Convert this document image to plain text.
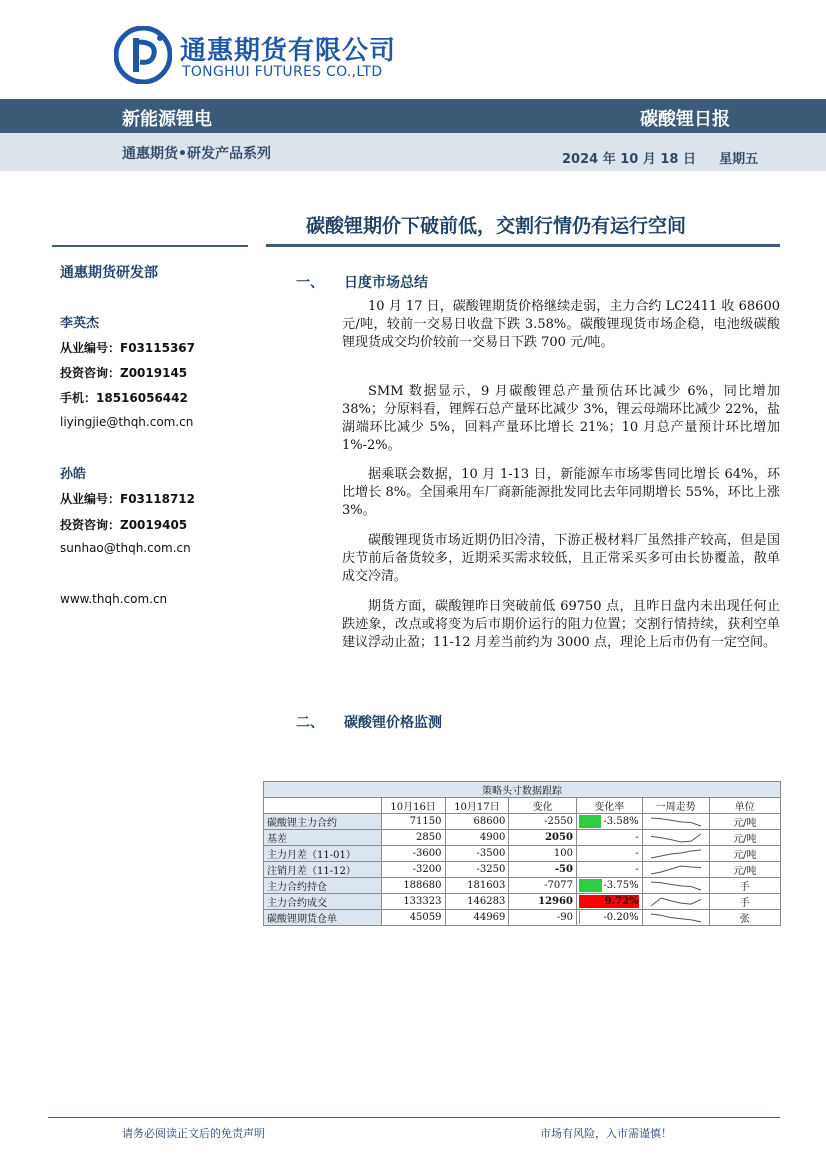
通惠期货有限公司
TONGHUI FUTURES CO.,LTD
新能源锂电	碳酸锂日报
通惠期货•研发产品系列	2024 年 10 月 18 日 星期五
碳酸锂期价下破前低，交割行情仍有运行空间
通惠期货研发部
李英杰
从业编号：F03115367
投资咨询：Z0019145
手机：18516056442
liyingjie@thqh.com.cn
孙皓
从业编号：F03118712
投资咨询：Z0019405
sunhao@thqh.com.cn
www.thqh.com.cn
一、 日度市场总结
10 月 17 日，碳酸锂期货价格继续走弱，主力合约 LC2411 收 68600 元/吨，较前一交易日收盘下跌 3.58%。碳酸锂现货市场企稳，电池级碳酸锂现货成交均价较前一交易日下跌 700 元/吨。
SMM 数据显示，9 月碳酸锂总产量预估环比减少 6%，同比增加 38%；分原料看，锂辉石总产量环比减少 3%，锂云母端环比减少 22%，盐湖端环比减少 5%，回料产量环比增长 21%；10 月总产量预计环比增加 1%-2%。
据乘联会数据，10 月 1-13 日，新能源车市场零售同比增长 64%，环比增长 8%。全国乘用车厂商新能源批发同比去年同期增长 55%，环比上涨 3%。
碳酸锂现货市场近期仍旧冷清，下游正极材料厂虽然排产较高，但是国庆节前后备货较多，近期采买需求较低，且正常采买多可由长协覆盖，散单成交冷清。
期货方面，碳酸锂昨日突破前低 69750 点，且昨日盘内未出现任何止跌迹象，改点或将变为后市期价运行的阻力位置；交割行情持续，获利空单建议浮动止盈；11-12 月差当前约为 3000 点，理论上后市仍有一定空间。
二、 碳酸锂价格监测
策略头寸数据跟踪						
	10月16日	10月17日	变化	变化率	一周走势	单位
碳酸锂主力合约	71150	68600	-2550	-3.58%		元/吨
基差	2850	4900	2050	-		元/吨
主力月差（11-01）	-3600	-3500	100	-		元/吨
注销月差（11-12）	-3200	-3250	-50	-		元/吨
主力合约持仓	188680	181603	-7077	-3.75%		手
主力合约成交	133323	146283	12960	9.72%		手
碳酸锂期货仓单	45059	44969	-90	-0.20%		张
请务必阅读正文后的免责声明	市场有风险，入市需谨慎！
